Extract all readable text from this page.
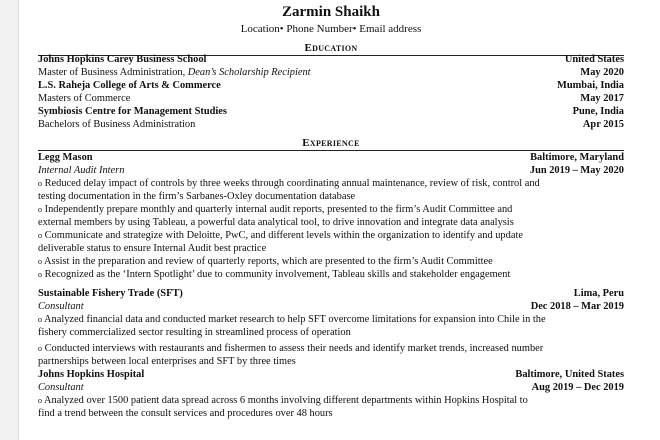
Zarmin Shaikh
Location• Phone Number• Email address
Education
Johns Hopkins Carey Business School	United States
Master of Business Administration, Dean’s Scholarship Recipient	May 2020
L.S. Raheja College of Arts & Commerce	Mumbai, India
Masters of Commerce	May 2017
Symbiosis Centre for Management Studies	Pune, India
Bachelors of Business Administration	Apr 2015
Experience
Legg Mason	Baltimore, Maryland
Internal Audit Intern	Jun 2019 – May 2020
o Reduced delay impact of controls by three weeks through coordinating annual maintenance, review of risk, control and
testing documentation in the firm’s Sarbanes-Oxley documentation database
o Independently prepare monthly and quarterly internal audit reports, presented to the firm’s Audit Committee and
external members by using Tableau, a powerful data analytical tool, to drive innovation and integrate data analysis
o Communicate and strategize with Deloitte, PwC, and different levels within the organization to identify and update
deliverable status to ensure Internal Audit best practice
o Assist in the preparation and review of quarterly reports, which are presented to the firm’s Audit Committee
o Recognized as the ‘Intern Spotlight’ due to community involvement, Tableau skills and stakeholder engagement
Sustainable Fishery Trade (SFT)	Lima, Peru
Consultant	Dec 2018 – Mar 2019
o Analyzed financial data and conducted market research to help SFT overcome limitations for expansion into Chile in the
fishery commercialized sector resulting in streamlined process of operation
o Conducted interviews with restaurants and fishermen to assess their needs and identify market trends, increased number
partnerships between local enterprises and SFT by three times
Johns Hopkins Hospital	Baltimore, United States
Consultant	Aug 2019 – Dec 2019
o Analyzed over 1500 patient data spread across 6 months involving different departments within Hopkins Hospital to
find a trend between the consult services and procedures over 48 hours
